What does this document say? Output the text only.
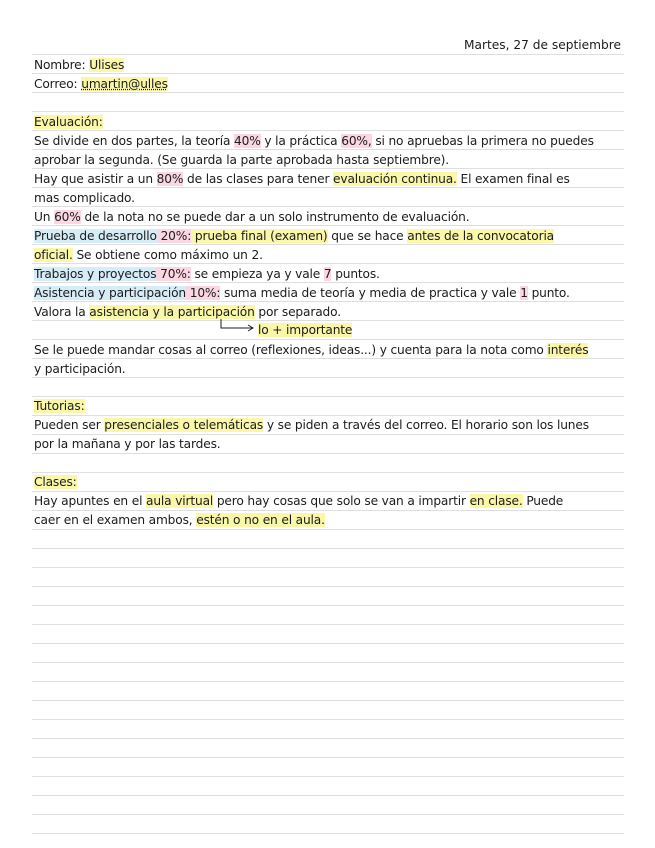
Martes, 27 de septiembre
Nombre: Ulises
Correo: umartin@ulles
Evaluación:
Se divide en dos partes, la teoría 40% y la práctica 60%, si no apruebas la primera no puedes
aprobar la segunda. (Se guarda la parte aprobada hasta septiembre).
Hay que asistir a un 80% de las clases para tener evaluación continua. El examen final es
mas complicado.
Un 60% de la nota no se puede dar a un solo instrumento de evaluación.
Prueba de desarrollo 20%: prueba final (examen) que se hace antes de la convocatoria
oficial. Se obtiene como máximo un 2.
Trabajos y proyectos 70%: se empieza ya y vale 7 puntos.
Asistencia y participación 10%: suma media de teoría y media de practica y vale 1 punto.
Valora la asistencia y la participación por separado.
lo + importante
Se le puede mandar cosas al correo (reflexiones, ideas...) y cuenta para la nota como interés
y participación.
Tutorias:
Pueden ser presenciales o telemáticas y se piden a través del correo. El horario son los lunes
por la mañana y por las tardes.
Clases:
Hay apuntes en el aula virtual pero hay cosas que solo se van a impartir en clase. Puede
caer en el examen ambos, estén o no en el aula.
